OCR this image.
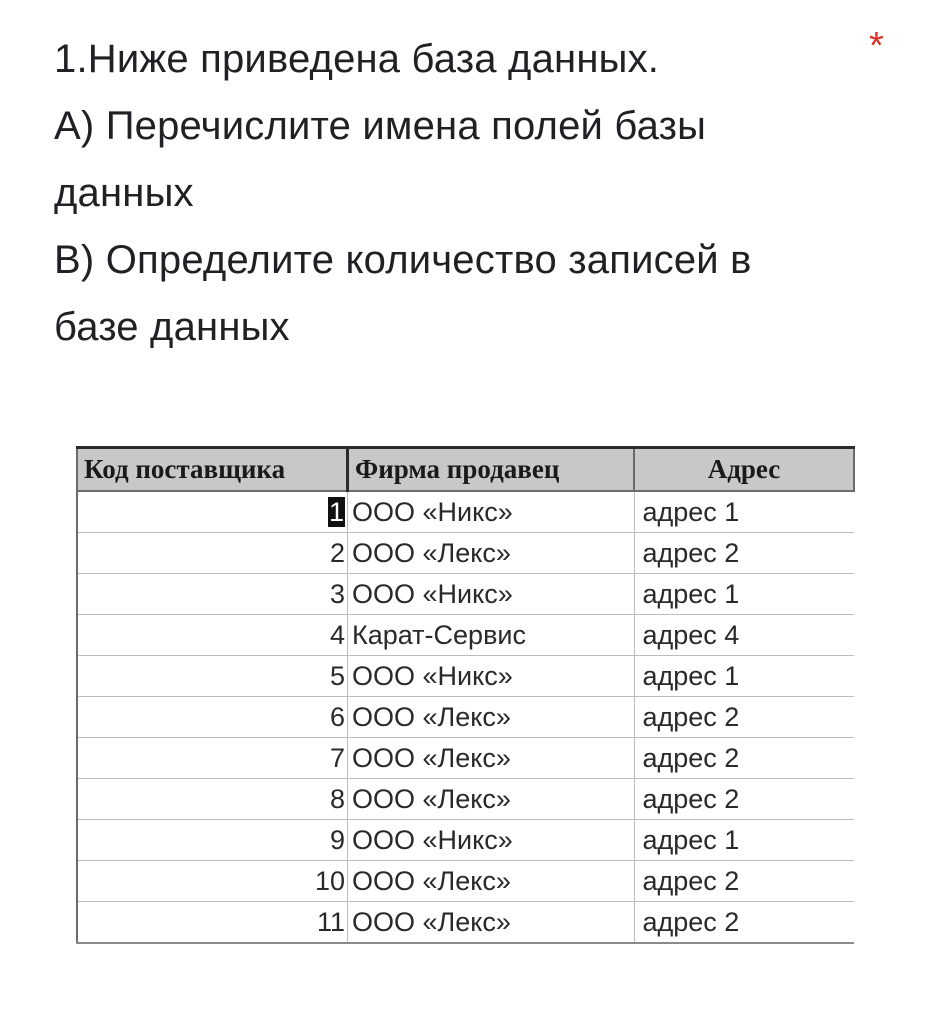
1.Ниже приведена база данных.
A) Перечислите имена полей базы
данных
B) Определите количество записей в
базе данных
*
Код поставщика	Фирма продавец	Адрес
1	ООО «Никс»	адрес 1
2	ООО «Лекс»	адрес 2
3	ООО «Никс»	адрес 1
4	Карат-Сервис	адрес 4
5	ООО «Никс»	адрес 1
6	ООО «Лекс»	адрес 2
7	ООО «Лекс»	адрес 2
8	ООО «Лекс»	адрес 2
9	ООО «Никс»	адрес 1
10	ООО «Лекс»	адрес 2
11	ООО «Лекс»	адрес 2
